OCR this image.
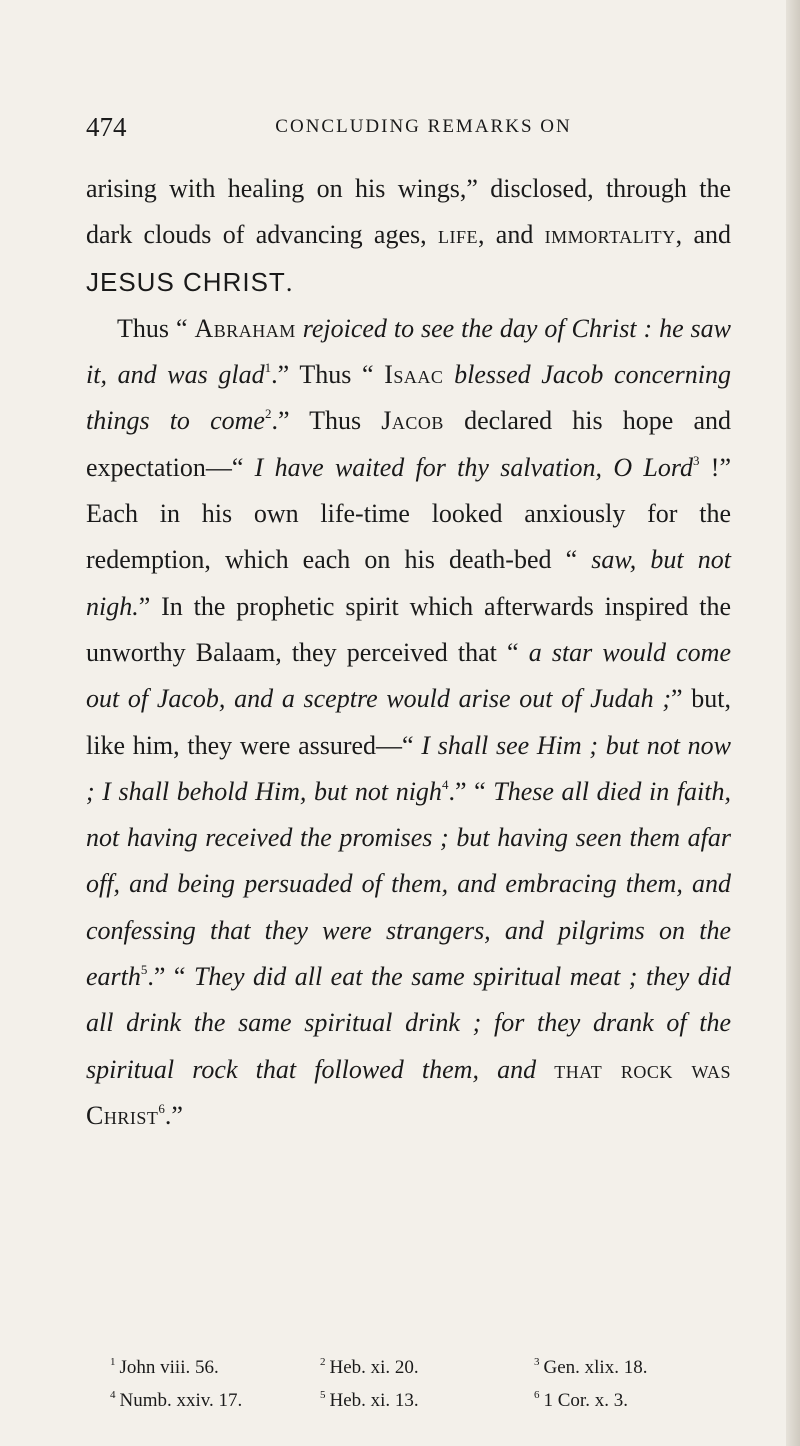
474	CONCLUDING REMARKS ON

arising with healing on his wings,” disclosed, through the dark clouds of advancing ages, life, and immortality, and JESUS CHRIST.

Thus “ Abraham rejoiced to see the day of Christ : he saw it, and was glad$^1$.” Thus “ Isaac blessed Jacob concerning things to come$^2$.” Thus Jacob declared his hope and expectation—“ I have waited for thy salvation, O Lord$^3$ !” Each in his own life-time looked anxiously for the redemption, which each on his death-bed “ saw, but not nigh.” In the prophetic spirit which afterwards inspired the unworthy Balaam, they perceived that “ a star would come out of Jacob, and a sceptre would arise out of Judah ;” but, like him, they were assured—“ I shall see Him ; but not now ; I shall behold Him, but not nigh$^4$.” “ These all died in faith, not having received the promises ; but having seen them afar off, and being persuaded of them, and embracing them, and confessing that they were strangers, and pilgrims on the earth$^5$.” “ They did all eat the same spiritual meat ; they did all drink the same spiritual drink ; for they drank of the spiritual rock that followed them, and that rock was Christ$^6$.”

$^1$ John viii. 56.	$^2$ Heb. xi. 20.	$^3$ Gen. xlix. 18.
$^4$ Numb. xxiv. 17.	$^5$ Heb. xi. 13.	$^6$ 1 Cor. x. 3.
